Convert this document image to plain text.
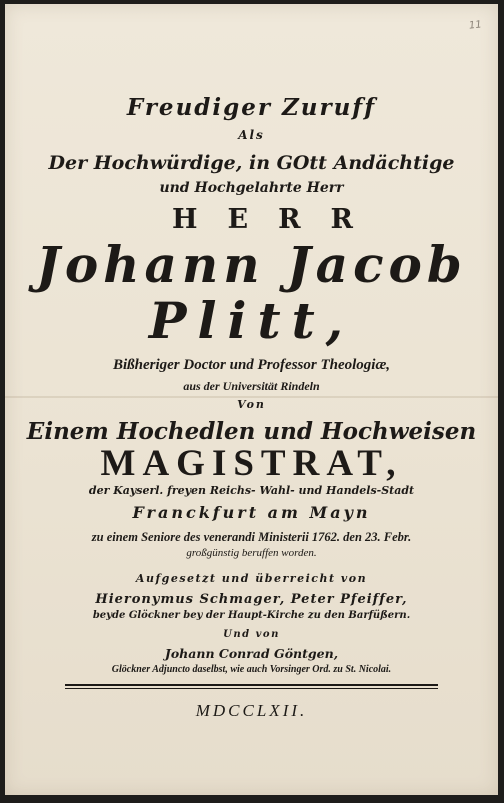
11
Freudiger Zuruff
Als
Der Hochwürdige, in GOtt Andächtige
und Hochgelahrte Herr
HERR
Johann Jacob
Plitt,
Bißheriger Doctor und Professor Theologiæ,
aus der Universität Rindeln
Von
Einem Hochedlen und Hochweisen
MAGISTRAT,
der Kayserl. freyen Reichs- Wahl- und Handels-Stadt
Franckfurt am Mayn
zu einem Seniore des venerandi Ministerii 1762. den 23. Febr.
großgünstig beruffen worden.
Aufgesetzt und überreicht von
Hieronymus Schmager, Peter Pfeiffer,
beyde Glöckner bey der Haupt-Kirche zu den Barfüßern.
Und von
Johann Conrad Göntgen,
Glöckner Adjuncto daselbst, wie auch Vorsinger Ord. zu St. Nicolai.
MDCCLXII.
